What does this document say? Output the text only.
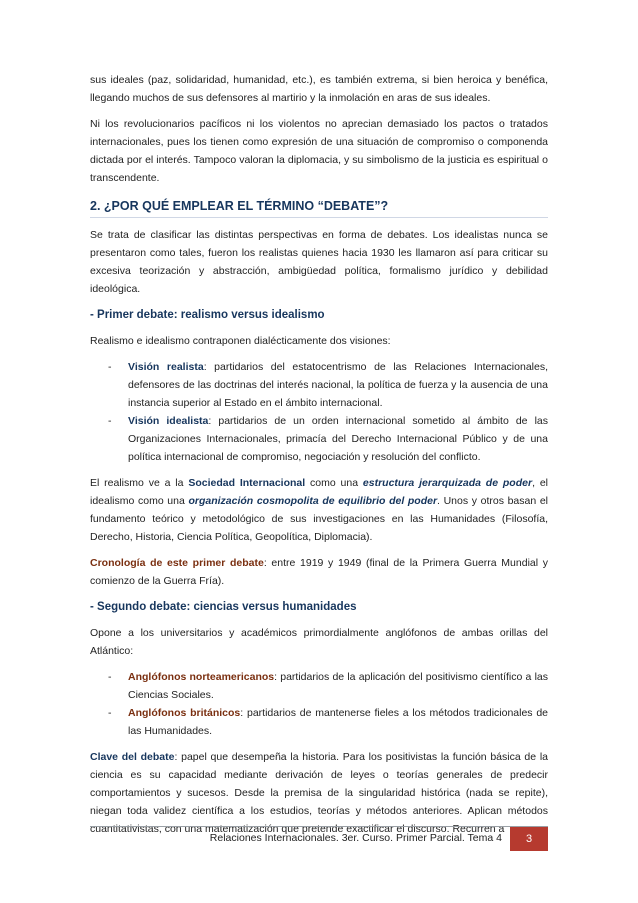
sus ideales (paz, solidaridad, humanidad, etc.), es también extrema, si bien heroica y benéfica, llegando muchos de sus defensores al martirio y la inmolación en aras de sus ideales.

Ni los revolucionarios pacíficos ni los violentos no aprecian demasiado los pactos o tratados internacionales, pues los tienen como expresión de una situación de compromiso o componenda dictada por el interés. Tampoco valoran la diplomacia, y su simbolismo de la justicia es espiritual o transcendente.

2. ¿POR QUÉ EMPLEAR EL TÉRMINO “DEBATE”?

Se trata de clasificar las distintas perspectivas en forma de debates. Los idealistas nunca se presentaron como tales, fueron los realistas quienes hacia 1930 les llamaron así para criticar su excesiva teorización y abstracción, ambigüedad política, formalismo jurídico y debilidad ideológica.

- Primer debate: realismo versus idealismo

Realismo e idealismo contraponen dialécticamente dos visiones:

- Visión realista: partidarios del estatocentrismo de las Relaciones Internacionales, defensores de las doctrinas del interés nacional, la política de fuerza y la ausencia de una instancia superior al Estado en el ámbito internacional.
- Visión idealista: partidarios de un orden internacional sometido al ámbito de las Organizaciones Internacionales, primacía del Derecho Internacional Público y de una política internacional de compromiso, negociación y resolución del conflicto.

El realismo ve a la Sociedad Internacional como una estructura jerarquizada de poder, el idealismo como una organización cosmopolita de equilibrio del poder. Unos y otros basan el fundamento teórico y metodológico de sus investigaciones en las Humanidades (Filosofía, Derecho, Historia, Ciencia Política, Geopolítica, Diplomacia).

Cronología de este primer debate: entre 1919 y 1949 (final de la Primera Guerra Mundial y comienzo de la Guerra Fría).

- Segundo debate: ciencias versus humanidades

Opone a los universitarios y académicos primordialmente anglófonos de ambas orillas del Atlántico:

- Anglófonos norteamericanos: partidarios de la aplicación del positivismo científico a las Ciencias Sociales.
- Anglófonos británicos: partidarios de mantenerse fieles a los métodos tradicionales de las Humanidades.

Clave del debate: papel que desempeña la historia. Para los positivistas la función básica de la ciencia es su capacidad mediante derivación de leyes o teorías generales de predecir comportamientos y sucesos. Desde la premisa de la singularidad histórica (nada se repite), niegan toda validez científica a los estudios, teorías y métodos anteriores. Aplican métodos cuantitativistas, con una matematización que pretende exactificar el discurso. Recurren a

Relaciones Internacionales. 3er. Curso. Primer Parcial. Tema 4	3
